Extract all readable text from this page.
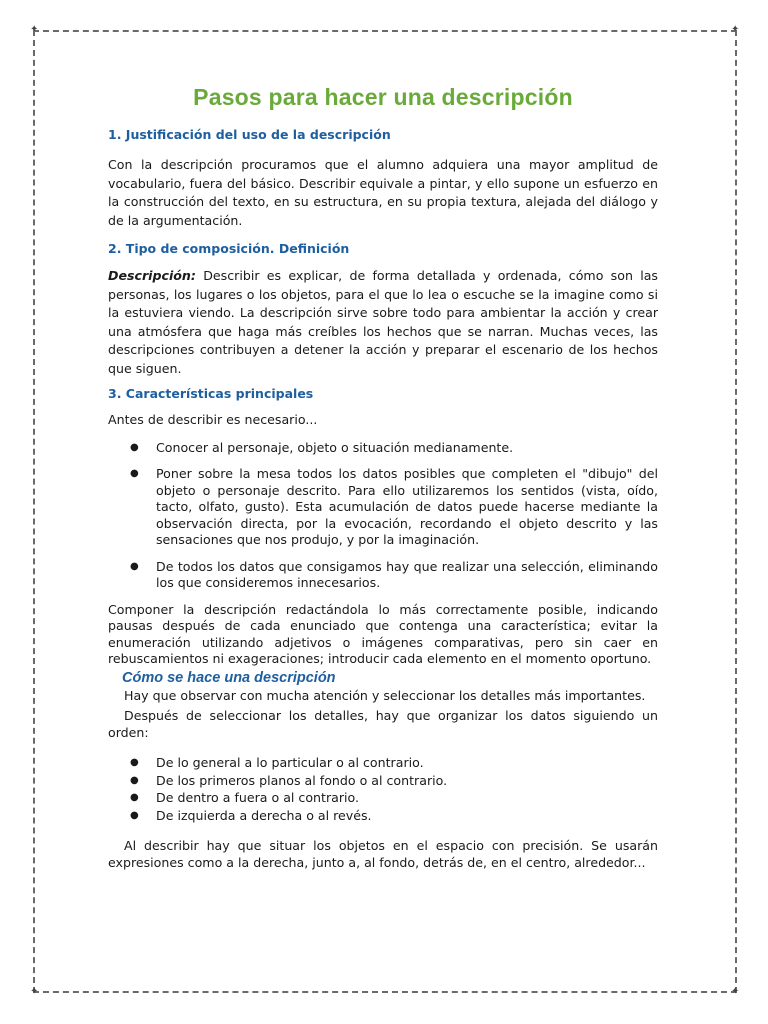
✦	✦
✦	✦
Pasos para hacer una descripción
1. Justificación del uso de la descripción

Con la descripción procuramos que el alumno adquiera una mayor amplitud de vocabulario, fuera del básico. Describir equivale a pintar, y ello supone un esfuerzo en la construcción del texto, en su estructura, en su propia textura, alejada del diálogo y de la argumentación.

2. Tipo de composición. Definición

Descripción: Describir es explicar, de forma detallada y ordenada, cómo son las personas, los lugares o los objetos, para el que lo lea o escuche se la imagine como si la estuviera viendo. La descripción sirve sobre todo para ambientar la acción y crear una atmósfera que haga más creíbles los hechos que se narran. Muchas veces, las descripciones contribuyen a detener la acción y preparar el escenario de los hechos que siguen.

3. Características principales

Antes de describir es necesario...

● Conocer al personaje, objeto o situación medianamente.
● Poner sobre la mesa todos los datos posibles que completen el "dibujo" del objeto o personaje descrito. Para ello utilizaremos los sentidos (vista, oído, tacto, olfato, gusto). Esta acumulación de datos puede hacerse mediante la observación directa, por la evocación, recordando el objeto descrito y las sensaciones que nos produjo, y por la imaginación.
● De todos los datos que consigamos hay que realizar una selección, eliminando los que consideremos innecesarios.

Componer la descripción redactándola lo más correctamente posible, indicando pausas después de cada enunciado que contenga una característica; evitar la enumeración utilizando adjetivos o imágenes comparativas, pero sin caer en rebuscamientos ni exageraciones; introducir cada elemento en el momento oportuno.

Cómo se hace una descripción

Hay que observar con mucha atención y seleccionar los detalles más importantes.

Después de seleccionar los detalles, hay que organizar los datos siguiendo un orden:

● De lo general a lo particular o al contrario.
● De los primeros planos al fondo o al contrario.
● De dentro a fuera o al contrario.
● De izquierda a derecha o al revés.

Al describir hay que situar los objetos en el espacio con precisión. Se usarán expresiones como a la derecha, junto a, al fondo, detrás de, en el centro, alrededor...
